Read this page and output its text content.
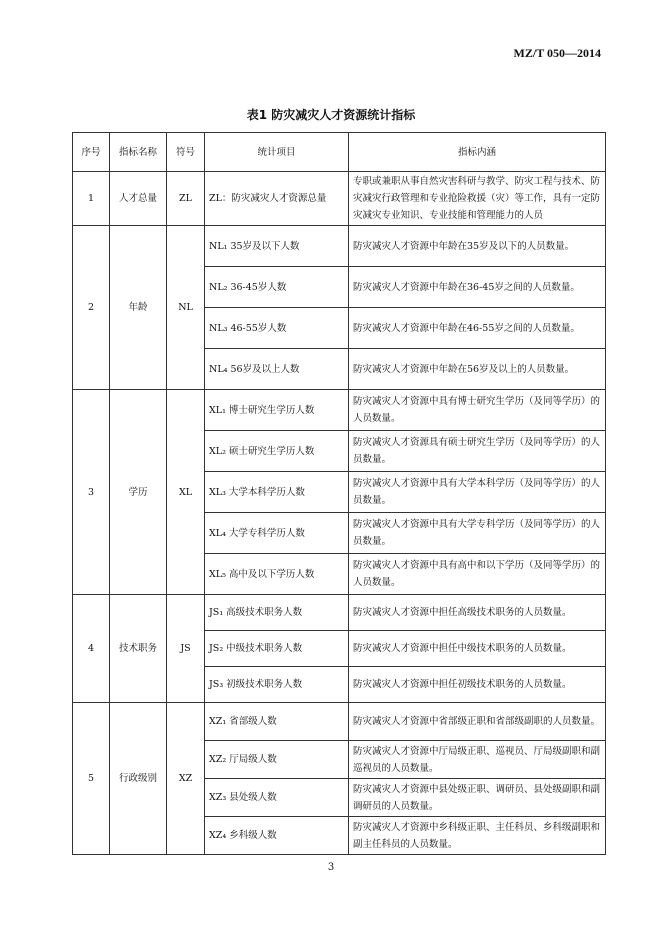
MZ/T 050—2014
表1 防灾减灾人才资源统计指标
序号	指标名称	符号	统计项目	指标内涵
1	人才总量	ZL	ZL：防灾减灾人才资源总量	专职或兼职从事自然灾害科研与教学、防灾工程与技术、防灾减灾行政管理和专业抢险救援（灾）等工作，具有一定防灾减灾专业知识、专业技能和管理能力的人员
2	年龄	NL	NL₁ 35岁及以下人数	防灾减灾人才资源中年龄在35岁及以下的人员数量。
			NL₂ 36-45岁人数	防灾减灾人才资源中年龄在36-45岁之间的人员数量。
			NL₃ 46-55岁人数	防灾减灾人才资源中年龄在46-55岁之间的人员数量。
			NL₄ 56岁及以上人数	防灾减灾人才资源中年龄在56岁及以上的人员数量。
3	学历	XL	XL₁ 博士研究生学历人数	防灾减灾人才资源中具有博士研究生学历（及同等学历）的人员数量。
			XL₂ 硕士研究生学历人数	防灾减灾人才资源具有硕士研究生学历（及同等学历）的人员数量。
			XL₃ 大学本科学历人数	防灾减灾人才资源中具有大学本科学历（及同等学历）的人员数量。
			XL₄ 大学专科学历人数	防灾减灾人才资源中具有大学专科学历（及同等学历）的人员数量。
			XL₅ 高中及以下学历人数	防灾减灾人才资源中具有高中和以下学历（及同等学历）的人员数量。
4	技术职务	JS	JS₁ 高级技术职务人数	防灾减灾人才资源中担任高级技术职务的人员数量。
			JS₂ 中级技术职务人数	防灾减灾人才资源中担任中级技术职务的人员数量。
			JS₃ 初级技术职务人数	防灾减灾人才资源中担任初级技术职务的人员数量。
5	行政级别	XZ	XZ₁ 省部级人数	防灾减灾人才资源中省部级正职和省部级副职的人员数量。
			XZ₂ 厅局级人数	防灾减灾人才资源中厅局级正职、巡视员、厅局级副职和副巡视员的人员数量。
			XZ₃ 县处级人数	防灾减灾人才资源中县处级正职、调研员、县处级副职和副调研员的人员数量。
			XZ₄ 乡科级人数	防灾减灾人才资源中乡科级正职、主任科员、乡科级副职和副主任科员的人员数量。
3
